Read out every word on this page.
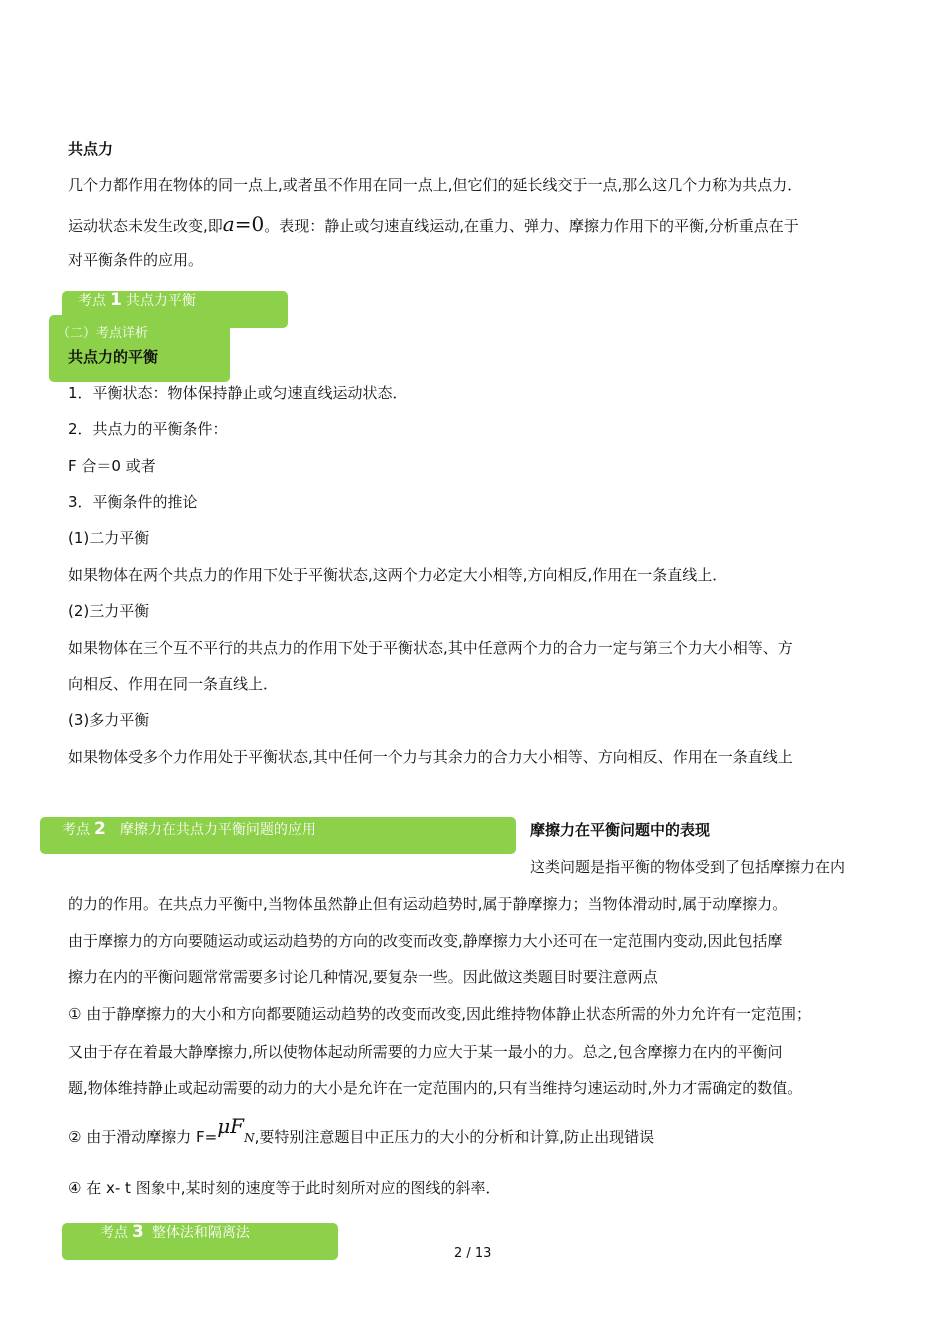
共点力
几个力都作用在物体的同一点上,或者虽不作用在同一点上,但它们的延长线交于一点,那么这几个力称为共点力．
运动状态未发生改变,即a=0。表现：静止或匀速直线运动,在重力、弹力、摩擦力作用下的平衡,分析重点在于
对平衡条件的应用。
考点 1 共点力平衡
（二）考点详析
共点力的平衡
1．平衡状态：物体保持静止或匀速直线运动状态．
2．共点力的平衡条件：
F 合＝0 或者
3．平衡条件的推论
(1)二力平衡
如果物体在两个共点力的作用下处于平衡状态,这两个力必定大小相等,方向相反,作用在一条直线上．
(2)三力平衡
如果物体在三个互不平行的共点力的作用下处于平衡状态,其中任意两个力的合力一定与第三个力大小相等、方
向相反、作用在同一条直线上．
(3)多力平衡
如果物体受多个力作用处于平衡状态,其中任何一个力与其余力的合力大小相等、方向相反、作用在一条直线上
考点 2 摩擦力在共点力平衡问题的应用	摩擦力在平衡问题中的表现
这类问题是指平衡的物体受到了包括摩擦力在内
的力的作用。在共点力平衡中,当物体虽然静止但有运动趋势时,属于静摩擦力；当物体滑动时,属于动摩擦力。
由于摩擦力的方向要随运动或运动趋势的方向的改变而改变,静摩擦力大小还可在一定范围内变动,因此包括摩
擦力在内的平衡问题常常需要多讨论几种情况,要复杂一些。因此做这类题目时要注意两点
① 由于静摩擦力的大小和方向都要随运动趋势的改变而改变,因此维持物体静止状态所需的外力允许有一定范围；
又由于存在着最大静摩擦力,所以使物体起动所需要的力应大于某一最小的力。总之,包含摩擦力在内的平衡问
题,物体维持静止或起动需要的动力的大小是允许在一定范围内的,只有当维持匀速运动时,外力才需确定的数值。
② 由于滑动摩擦力 $F=\mu F_N$,要特别注意题目中正压力的大小的分析和计算,防止出现错误
④ 在 x- t 图象中,某时刻的速度等于此时刻所对应的图线的斜率．
考点 3 整体法和隔离法
2 / 13
